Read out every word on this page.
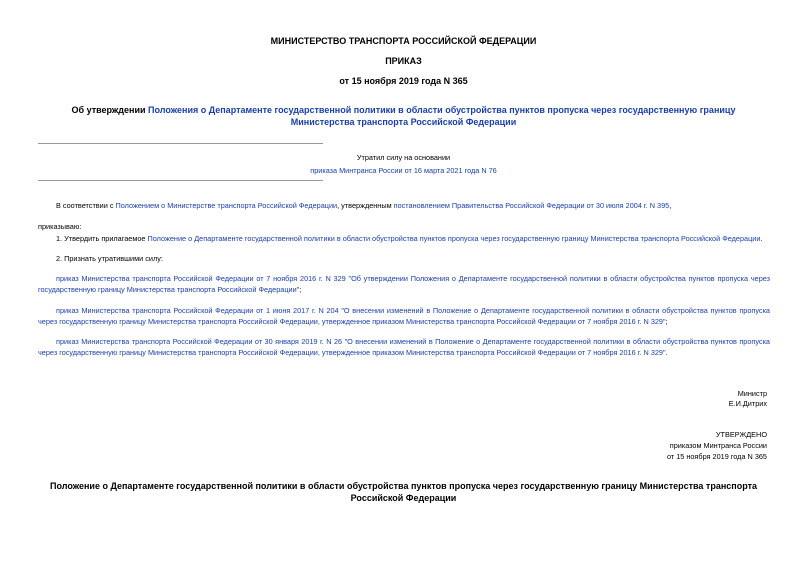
МИНИСТЕРСТВО ТРАНСПОРТА РОССИЙСКОЙ ФЕДЕРАЦИИ
ПРИКАЗ
от 15 ноября 2019 года N 365
Об утверждении Положения о Департаменте государственной политики в области обустройства пунктов пропуска через государственную границу Министерства транспорта Российской Федерации
Утратил силу на основании
приказа Минтранса России от 16 марта 2021 года N 76
В соответствии с Положением о Министерстве транспорта Российской Федерации, утвержденным постановлением Правительства Российской Федерации от 30 июля 2004 г. N 395,
приказываю:
1. Утвердить прилагаемое Положение о Департаменте государственной политики в области обустройства пунктов пропуска через государственную границу Министерства транспорта Российской Федерации.
2. Признать утратившими силу:
приказ Министерства транспорта Российской Федерации от 7 ноября 2016 г. N 329 "Об утверждении Положения о Департаменте государственной политики в области обустройства пунктов пропуска через государственную границу Министерства транспорта Российской Федерации";
приказ Министерства транспорта Российской Федерации от 1 июня 2017 г. N 204 "О внесении изменений в Положение о Департаменте государственной политики в области обустройства пунктов пропуска через государственную границу Министерства транспорта Российской Федерации, утвержденное приказом Министерства транспорта Российской Федерации от 7 ноября 2016 г. N 329";
приказ Министерства транспорта Российской Федерации от 30 января 2019 г. N 26 "О внесении изменений в Положение о Департаменте государственной политики в области обустройства пунктов пропуска через государственную границу Министерства транспорта Российской Федерации, утвержденное приказом Министерства транспорта Российской Федерации от 7 ноября 2016 г. N 329".
Министр
Е.И.Дитрих
УТВЕРЖДЕНО
приказом Минтранса России
от 15 ноября 2019 года N 365
Положение о Департаменте государственной политики в области обустройства пунктов пропуска через государственную границу Министерства транспорта Российской Федерации
